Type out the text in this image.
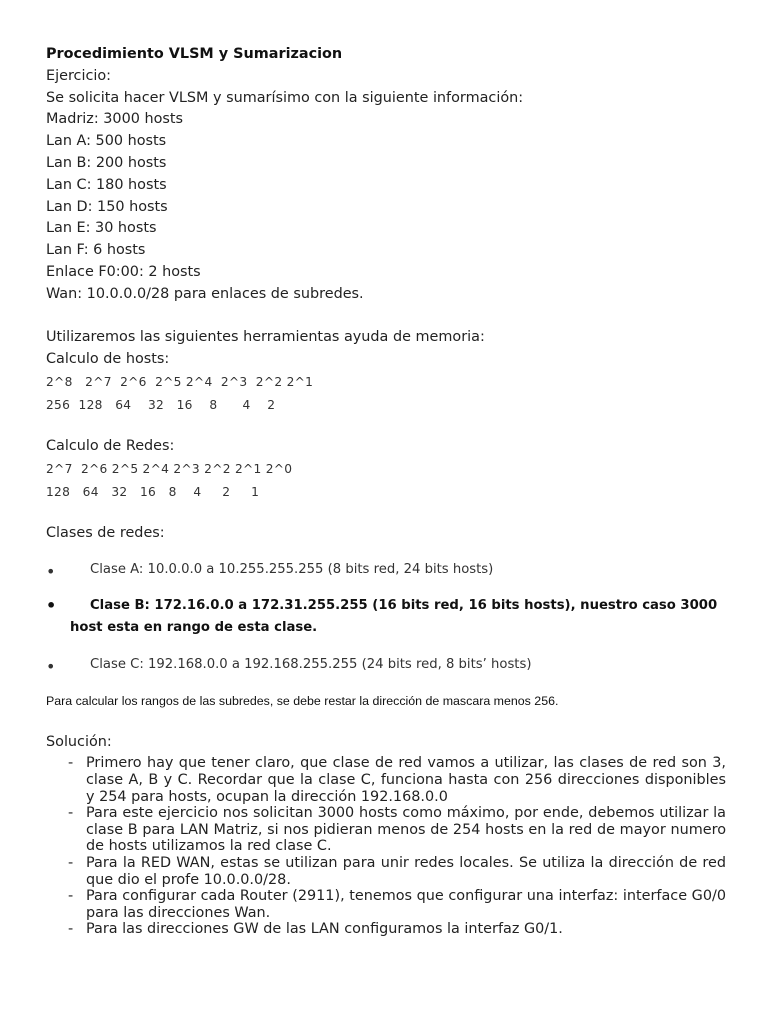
Procedimiento VLSM y Sumarizacion
Ejercicio:
Se solicita hacer VLSM y sumarísimo con la siguiente información:
Madriz: 3000 hosts
Lan A: 500 hosts
Lan B: 200 hosts
Lan C: 180 hosts
Lan D: 150 hosts
Lan E: 30 hosts
Lan F: 6 hosts
Enlace F0:00: 2 hosts
Wan: 10.0.0.0/28 para enlaces de subredes.
Utilizaremos las siguientes herramientas ayuda de memoria:
Calculo de hosts:
2^8   2^7  2^6  2^5 2^4  2^3  2^2 2^1
256  128   64    32   16    8      4    2
Calculo de Redes:
2^7  2^6 2^5 2^4 2^3 2^2 2^1 2^0
128   64   32   16   8    4     2     1
Clases de redes:
•	Clase A: 10.0.0.0 a 10.255.255.255 (8 bits red, 24 bits hosts)
•	Clase B: 172.16.0.0 a 172.31.255.255 (16 bits red, 16 bits hosts), nuestro caso 3000 host esta en rango de esta clase.
•	Clase C: 192.168.0.0 a 192.168.255.255 (24 bits red, 8 bits’ hosts)
Para calcular los rangos de las subredes, se debe restar la dirección de mascara menos 256.
Solución:
- Primero hay que tener claro, que clase de red vamos a utilizar, las clases de red son 3, clase A, B y C. Recordar que la clase C, funciona hasta con 256 direcciones disponibles y 254 para hosts, ocupan la dirección 192.168.0.0
- Para este ejercicio nos solicitan 3000 hosts como máximo, por ende, debemos utilizar la clase B para LAN Matriz, si nos pidieran menos de 254 hosts en la red de mayor numero de hosts utilizamos la red clase C.
- Para la RED WAN, estas se utilizan para unir redes locales. Se utiliza la dirección de red que dio el profe 10.0.0.0/28.
- Para configurar cada Router (2911), tenemos que configurar una interfaz: interface G0/0 para las direcciones Wan.
- Para las direcciones GW de las LAN configuramos la interfaz G0/1.
